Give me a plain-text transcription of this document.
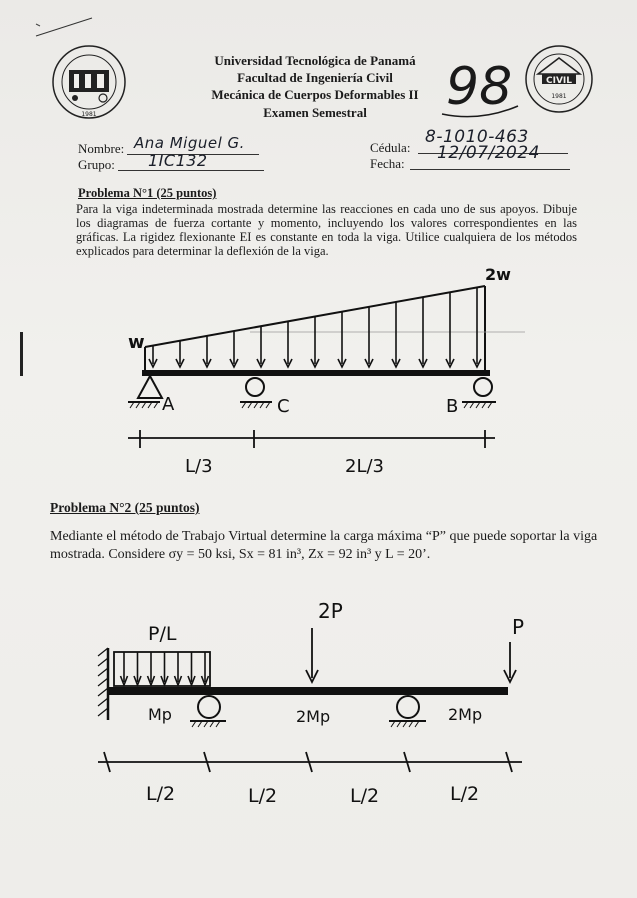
1981
Universidad Tecnológica de Panamá
Facultad de Ingeniería Civil
Mecánica de Cuerpos Deformables II
Examen Semestral	98	CIVIL
1981
Nombre: Ana Miguel G.
Grupo: 1IC132
Cédula:
8-1010-463
Fecha:
12/07/2024
Problema N°1 (25 puntos)
Para la viga indeterminada mostrada determine las reacciones en cada uno de sus apoyos. Dibuje los diagramas de fuerza cortante y momento, incluyendo los valores correspondientes en las gráficas. La rigidez flexionante EI es constante en toda la viga. Utilice cualquiera de los métodos explicados para determinar la deflexión de la viga.
A	C	B
w
2w
L/3	2L/3
Problema N°2 (25 puntos)
Mediante el método de Trabajo Virtual determine la carga máxima “P” que puede soportar la viga
mostrada. Considere σy = 50 ksi, Sx = 81 in³, Zx = 92 in³ y L = 20’.
P/L
2P
P
Mp	2Mp	2Mp
L/2	L/2	L/2	L/2
